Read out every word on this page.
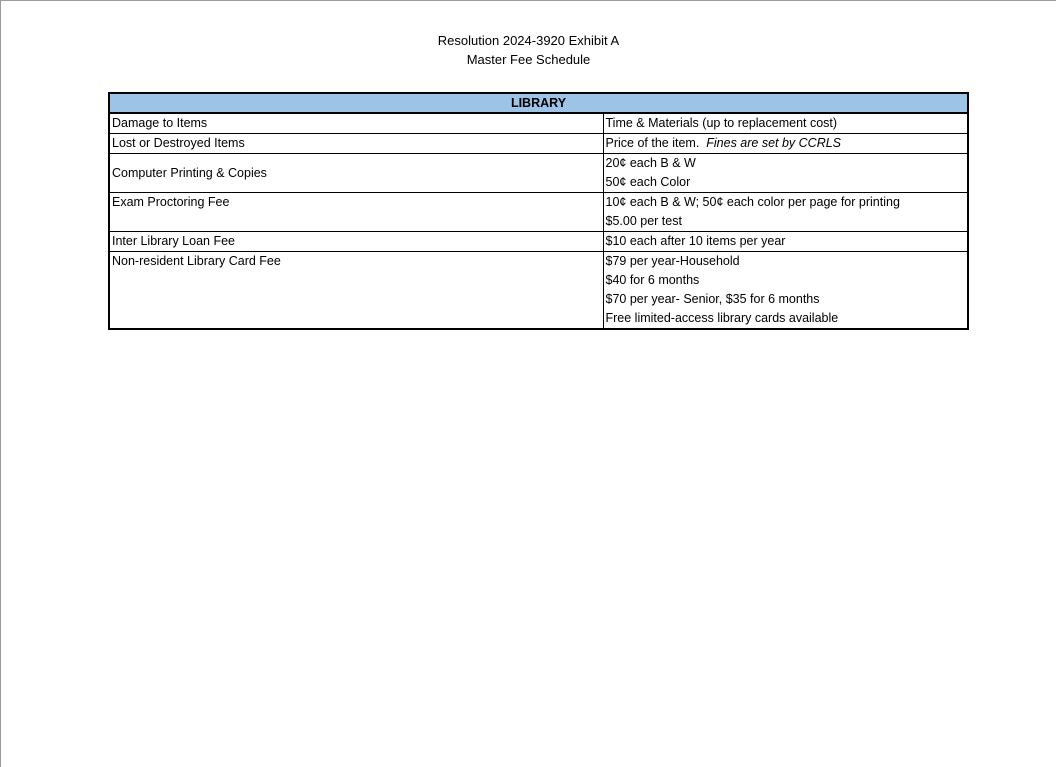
Resolution 2024-3920 Exhibit A
Master Fee Schedule
LIBRARY	
Damage to Items	Time & Materials (up to replacement cost)

Lost or Destroyed Items	Price of the item. Fines are set by CCRLS

Computer Printing & Copies	20¢ each B & W
50¢ each Color

Exam Proctoring Fee	10¢ each B & W; 50¢ each color per page for printing
$5.00 per test

Inter Library Loan Fee	$10 each after 10 items per year

Non-resident Library Card Fee	$79 per year-Household
$40 for 6 months
$70 per year- Senior, $35 for 6 months
Free limited-access library cards available
